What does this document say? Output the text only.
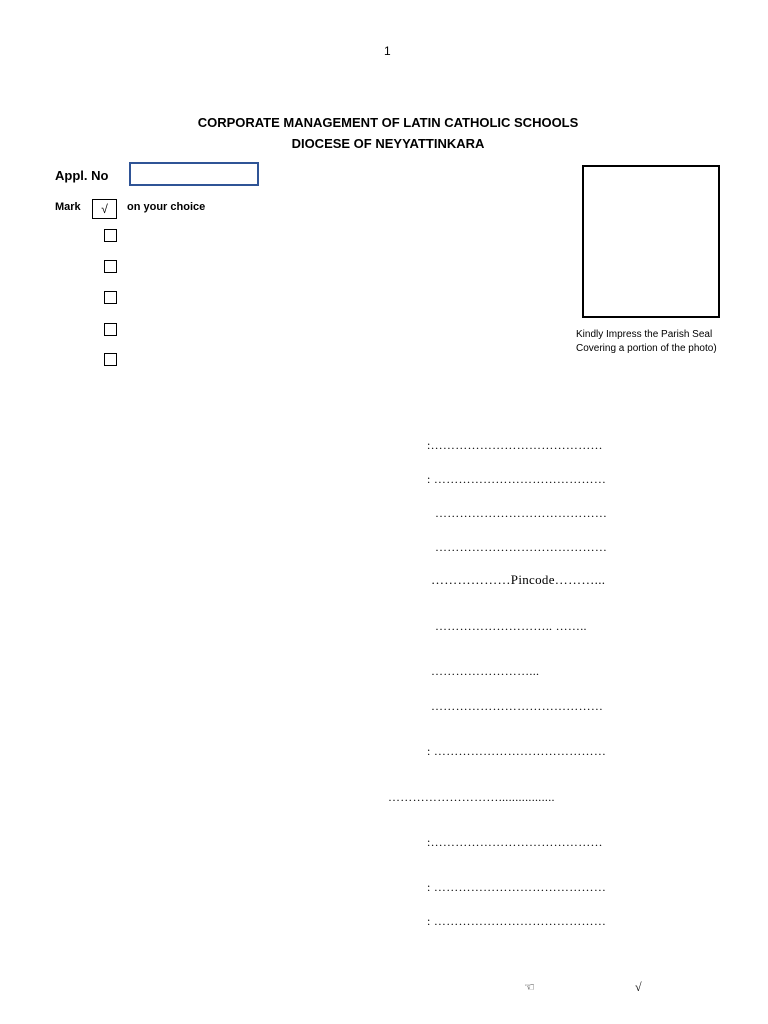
1
CORPORATE MANAGEMENT OF LATIN CATHOLIC SCHOOLS
DIOCESE OF NEYYATTINKARA
Appl. No
Mark √ on your choice
Kindly Impress the Parish Seal
Covering a portion of the photo)
:……………………………………
: ……………………………………
……………………………………
……………………………………
………………Pincode………...
……………………….. ……..
……………………...
……………………………………
: ……………………………………
……………………….................
:……………………………………
: ……………………………………
: ……………………………………
☜	√
